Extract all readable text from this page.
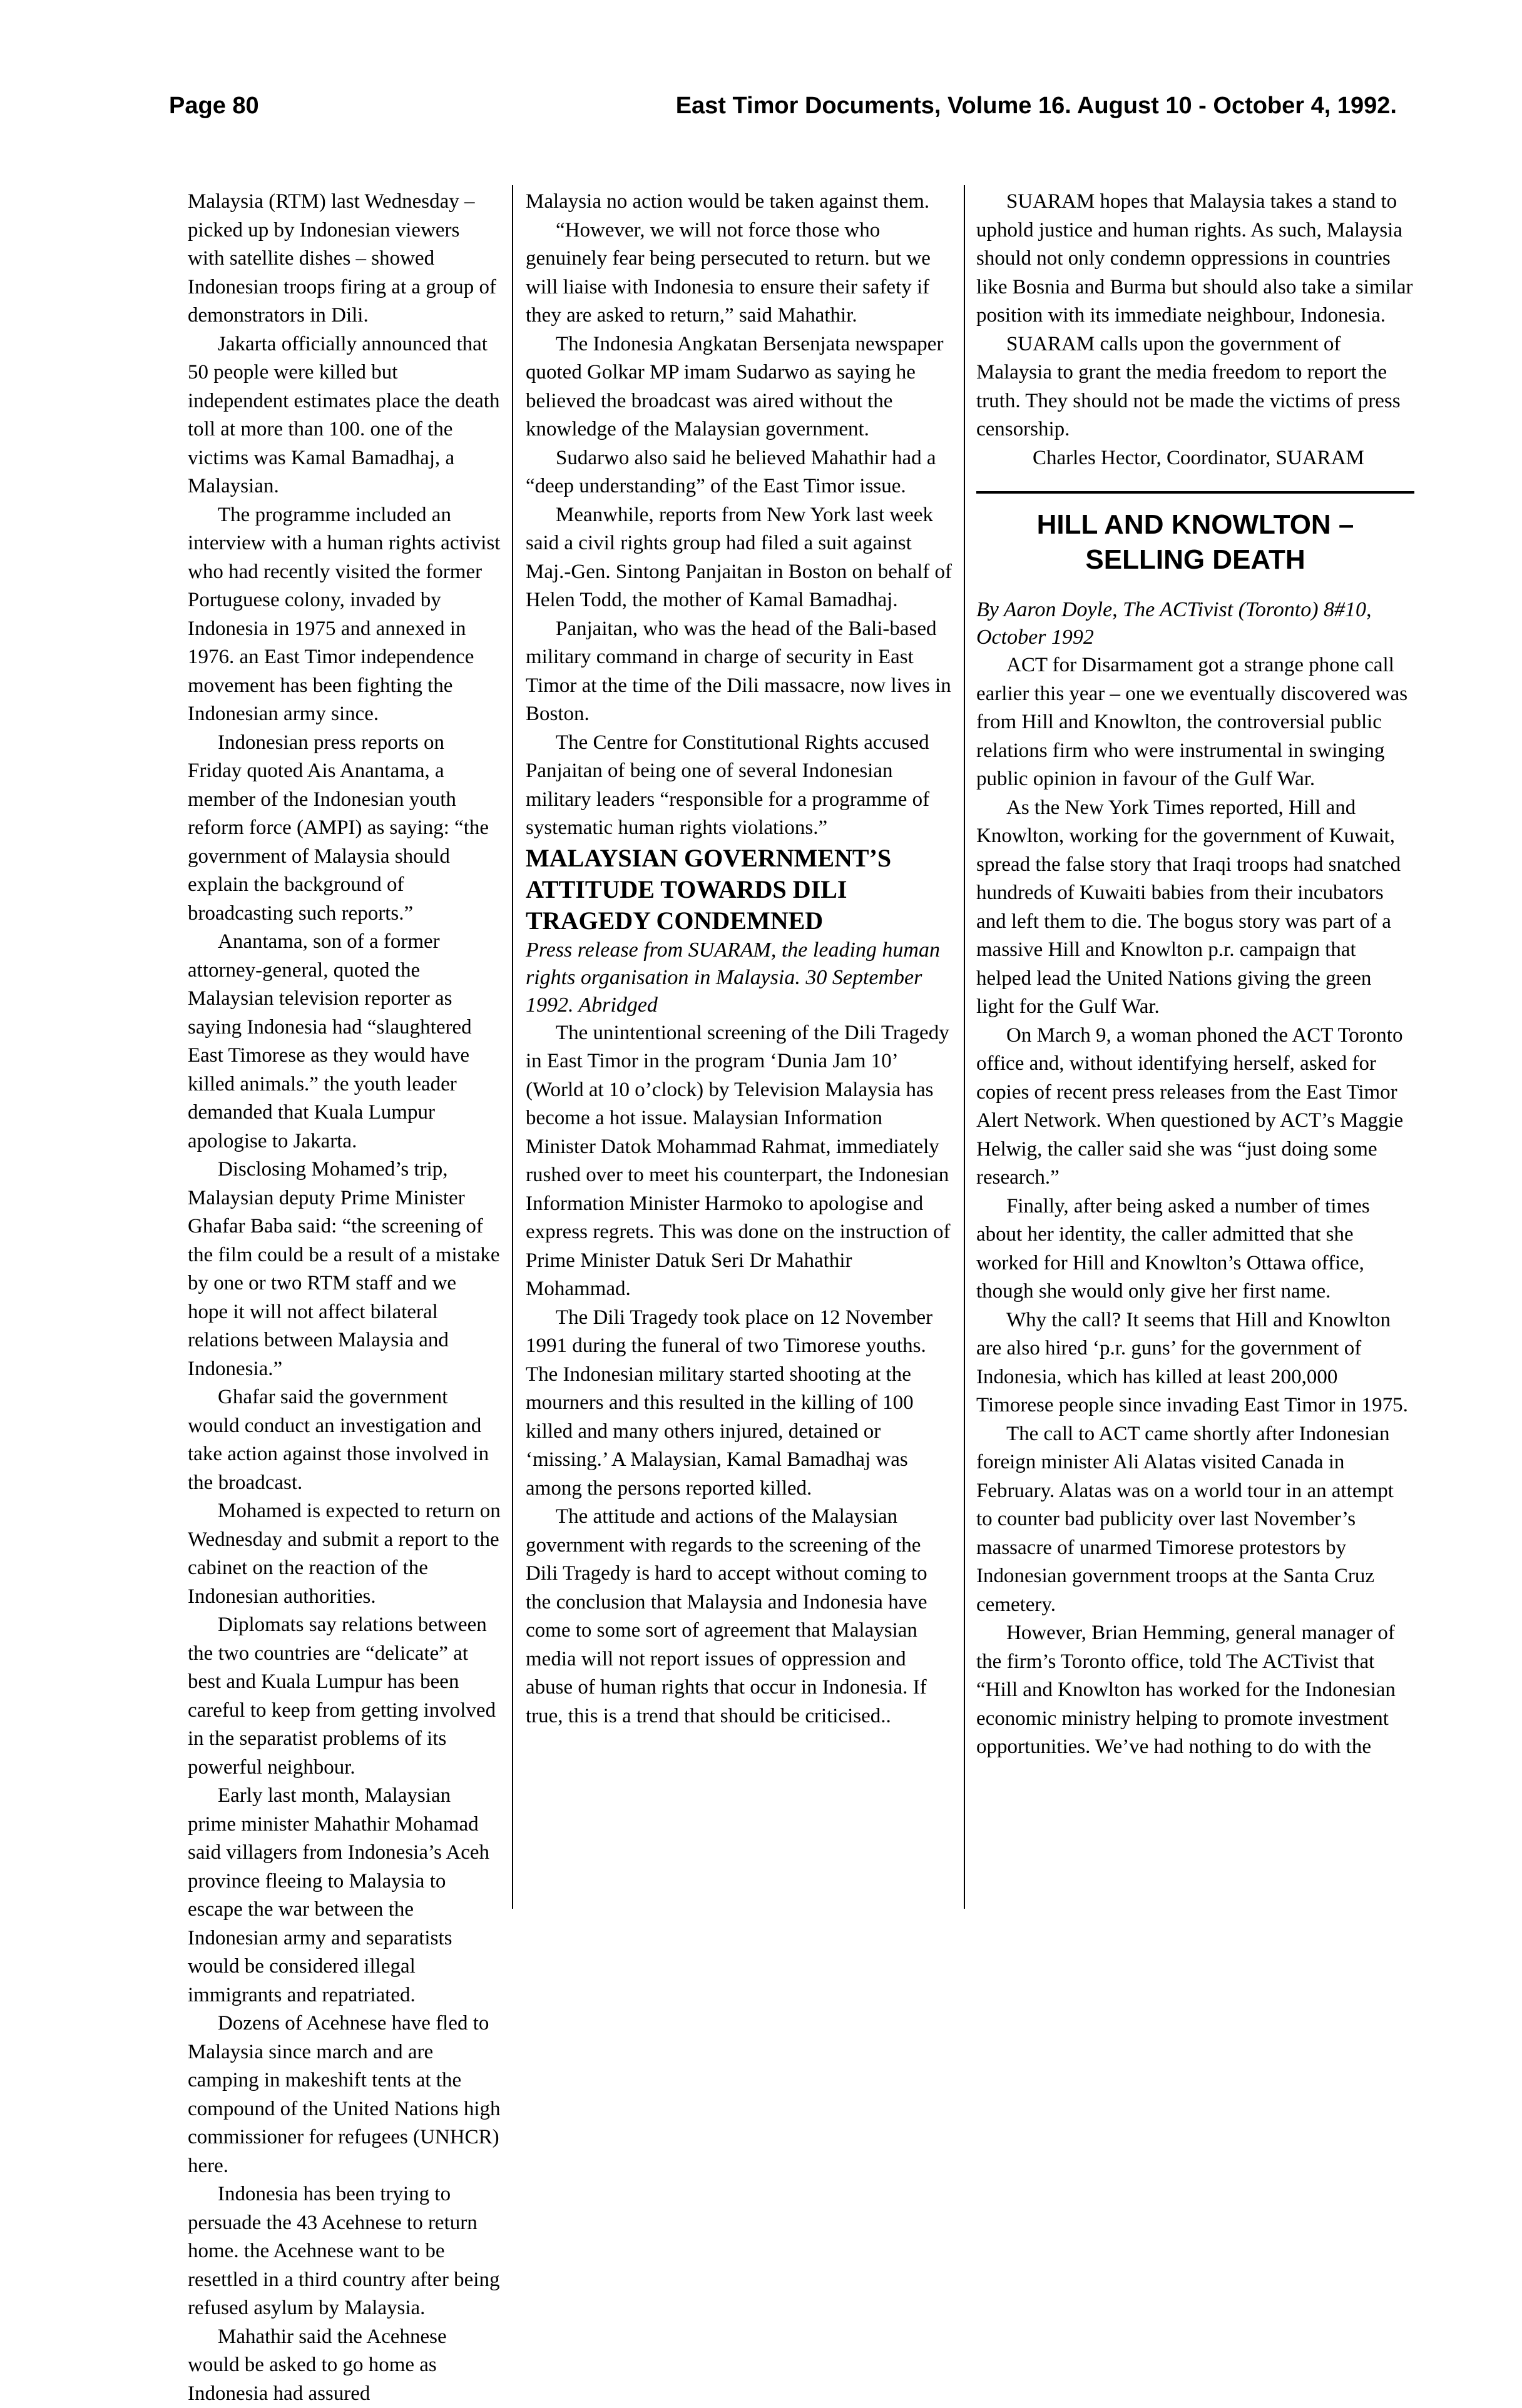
Page 80	East Timor Documents, Volume 16. August 10 - October 4, 1992.

Malaysia (RTM) last Wednesday – picked up by Indonesian viewers with satellite dishes – showed Indonesian troops firing at a group of demonstrators in Dili.

Jakarta officially announced that 50 people were killed but independent estimates place the death toll at more than 100. one of the victims was Kamal Bamadhaj, a Malaysian.

The programme included an interview with a human rights activist who had recently visited the former Portuguese colony, invaded by Indonesia in 1975 and annexed in 1976. an East Timor independence movement has been fighting the Indonesian army since.

Indonesian press reports on Friday quoted Ais Anantama, a member of the Indonesian youth reform force (AMPI) as saying: “the government of Malaysia should explain the background of broadcasting such reports.”

Anantama, son of a former attorney-general, quoted the Malaysian television reporter as saying Indonesia had “slaughtered East Timorese as they would have killed animals.” the youth leader demanded that Kuala Lumpur apologise to Jakarta.

Disclosing Mohamed’s trip, Malaysian deputy Prime Minister Ghafar Baba said: “the screening of the film could be a result of a mistake by one or two RTM staff and we hope it will not affect bilateral relations between Malaysia and Indonesia.”

Ghafar said the government would conduct an investigation and take action against those involved in the broadcast.

Mohamed is expected to return on Wednesday and submit a report to the cabinet on the reaction of the Indonesian authorities.

Diplomats say relations between the two countries are “delicate” at best and Kuala Lumpur has been careful to keep from getting involved in the separatist problems of its powerful neighbour.

Early last month, Malaysian prime minister Mahathir Mohamad said villagers from Indonesia’s Aceh province fleeing to Malaysia to escape the war between the Indonesian army and separatists would be considered illegal immigrants and repatriated.

Dozens of Acehnese have fled to Malaysia since march and are camping in makeshift tents at the compound of the United Nations high commissioner for refugees (UNHCR) here.

Indonesia has been trying to persuade the 43 Acehnese to return home. the Acehnese want to be resettled in a third country after being refused asylum by Malaysia.

Mahathir said the Acehnese would be asked to go home as Indonesia had assured

Malaysia no action would be taken against them.

“However, we will not force those who genuinely fear being persecuted to return. but we will liaise with Indonesia to ensure their safety if they are asked to return,” said Mahathir.

The Indonesia Angkatan Bersenjata newspaper quoted Golkar MP imam Sudarwo as saying he believed the broadcast was aired without the knowledge of the Malaysian government.

Sudarwo also said he believed Mahathir had a “deep understanding” of the East Timor issue.

Meanwhile, reports from New York last week said a civil rights group had filed a suit against Maj.-Gen. Sintong Panjaitan in Boston on behalf of Helen Todd, the mother of Kamal Bamadhaj.

Panjaitan, who was the head of the Bali-based military command in charge of security in East Timor at the time of the Dili massacre, now lives in Boston.

The Centre for Constitutional Rights accused Panjaitan of being one of several Indonesian military leaders “responsible for a programme of systematic human rights violations.”

MALAYSIAN GOVERNMENT’S ATTITUDE TOWARDS DILI TRAGEDY CONDEMNED

Press release from SUARAM, the leading human rights organisation in Malaysia. 30 September 1992. Abridged

The unintentional screening of the Dili Tragedy in East Timor in the program ‘Dunia Jam 10’ (World at 10 o’clock) by Television Malaysia has become a hot issue. Malaysian Information Minister Datok Mohammad Rahmat, immediately rushed over to meet his counterpart, the Indonesian Information Minister Harmoko to apologise and express regrets. This was done on the instruction of Prime Minister Datuk Seri Dr Mahathir Mohammad.

The Dili Tragedy took place on 12 November 1991 during the funeral of two Timorese youths. The Indonesian military started shooting at the mourners and this resulted in the killing of 100 killed and many others injured, detained or ‘missing.’ A Malaysian, Kamal Bamadhaj was among the persons reported killed.

The attitude and actions of the Malaysian government with regards to the screening of the Dili Tragedy is hard to accept without coming to the conclusion that Malaysia and Indonesia have come to some sort of agreement that Malaysian media will not report issues of oppression and abuse of human rights that occur in Indonesia. If true, this is a trend that should be criticised..

SUARAM hopes that Malaysia takes a stand to uphold justice and human rights. As such, Malaysia should not only condemn oppressions in countries like Bosnia and Burma but should also take a similar position with its immediate neighbour, Indonesia.

SUARAM calls upon the government of Malaysia to grant the media freedom to report the truth. They should not be made the victims of press censorship.

Charles Hector, Coordinator, SUARAM

HILL AND KNOWLTON – SELLING DEATH

By Aaron Doyle, The ACTivist (Toronto) 8#10, October 1992

ACT for Disarmament got a strange phone call earlier this year – one we eventually discovered was from Hill and Knowlton, the controversial public relations firm who were instrumental in swinging public opinion in favour of the Gulf War.

As the New York Times reported, Hill and Knowlton, working for the government of Kuwait, spread the false story that Iraqi troops had snatched hundreds of Kuwaiti babies from their incubators and left them to die. The bogus story was part of a massive Hill and Knowlton p.r. campaign that helped lead the United Nations giving the green light for the Gulf War.

On March 9, a woman phoned the ACT Toronto office and, without identifying herself, asked for copies of recent press releases from the East Timor Alert Network. When questioned by ACT’s Maggie Helwig, the caller said she was “just doing some research.”

Finally, after being asked a number of times about her identity, the caller admitted that she worked for Hill and Knowlton’s Ottawa office, though she would only give her first name.

Why the call? It seems that Hill and Knowlton are also hired ‘p.r. guns’ for the government of Indonesia, which has killed at least 200,000 Timorese people since invading East Timor in 1975.

The call to ACT came shortly after Indonesian foreign minister Ali Alatas visited Canada in February. Alatas was on a world tour in an attempt to counter bad publicity over last November’s massacre of unarmed Timorese protestors by Indonesian government troops at the Santa Cruz cemetery.

However, Brian Hemming, general manager of the firm’s Toronto office, told The ACTivist that “Hill and Knowlton has worked for the Indonesian economic ministry helping to promote investment opportunities. We’ve had nothing to do with the
